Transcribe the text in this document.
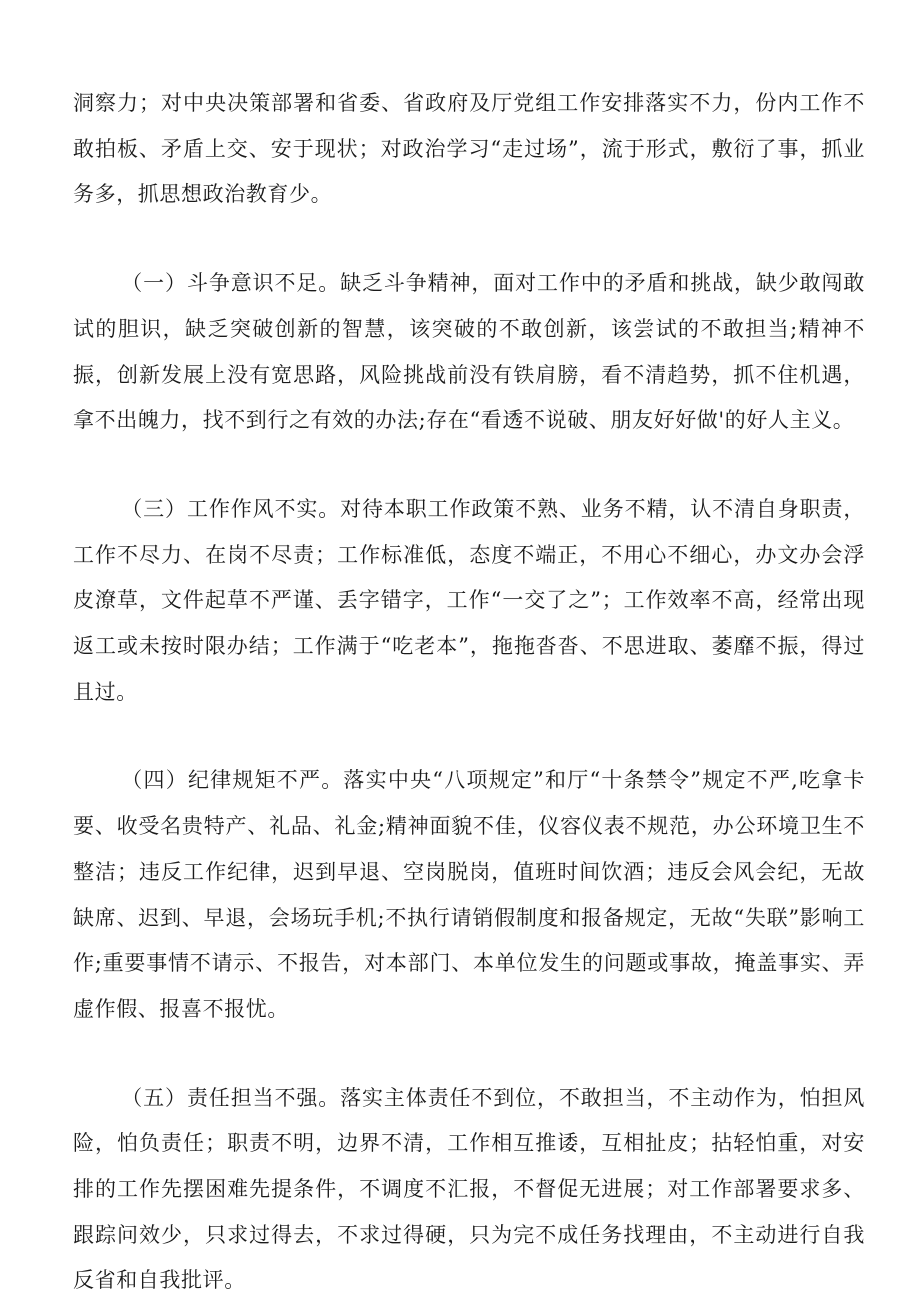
洞察力；对中央决策部署和省委、省政府及厅党组工作安排落实不力，份内工作不敢拍板、矛盾上交、安于现状；对政治学习“走过场”，流于形式，敷衍了事，抓业务多，抓思想政治教育少。

（一）斗争意识不足。缺乏斗争精神，面对工作中的矛盾和挑战，缺少敢闯敢试的胆识，缺乏突破创新的智慧，该突破的不敢创新，该尝试的不敢担当;精神不振，创新发展上没有宽思路，风险挑战前没有铁肩膀，看不清趋势，抓不住机遇，拿不出魄力，找不到行之有效的办法;存在“看透不说破、朋友好好做'的好人主义。

（三）工作作风不实。对待本职工作政策不熟、业务不精，认不清自身职责，工作不尽力、在岗不尽责；工作标准低，态度不端正，不用心不细心，办文办会浮皮潦草，文件起草不严谨、丢字错字，工作“一交了之”；工作效率不高，经常出现返工或未按时限办结；工作满于“吃老本”，拖拖沓沓、不思进取、萎靡不振，得过且过。

（四）纪律规矩不严。落实中央“八项规定”和厅“十条禁令”规定不严,吃拿卡要、收受名贵特产、礼品、礼金;精神面貌不佳，仪容仪表不规范，办公环境卫生不整洁；违反工作纪律，迟到早退、空岗脱岗，值班时间饮酒；违反会风会纪，无故缺席、迟到、早退，会场玩手机;不执行请销假制度和报备规定，无故“失联”影响工作;重要事情不请示、不报告，对本部门、本单位发生的问题或事故，掩盖事实、弄虚作假、报喜不报忧。

（五）责任担当不强。落实主体责任不到位，不敢担当，不主动作为，怕担风险，怕负责任；职责不明，边界不清，工作相互推诿，互相扯皮；拈轻怕重，对安排的工作先摆困难先提条件，不调度不汇报，不督促无进展；对工作部署要求多、跟踪问效少，只求过得去，不求过得硬，只为完不成任务找理由，不主动进行自我反省和自我批评。
